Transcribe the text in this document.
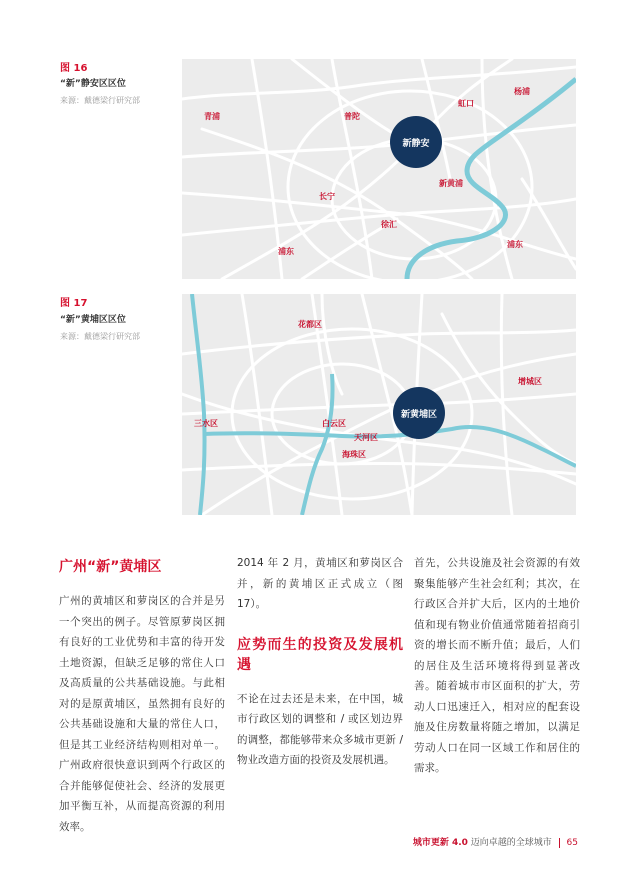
图 16
“新”静安区区位
来源：戴德梁行研究部
青浦	普陀
虹口
杨浦
新静安
新黄浦
长宁
徐汇
浦东
浦东
图 17
“新”黄埔区区位
来源：戴德梁行研究部
花都区
增城区
新黄埔区
三水区	白云区
天河区
海珠区
广州“新”黄埔区

广州的黄埔区和萝岗区的合并是另一个突出的例子。尽管原萝岗区拥有良好的工业优势和丰富的待开发土地资源，但缺乏足够的常住人口及高质量的公共基础设施。与此相对的是原黄埔区，虽然拥有良好的公共基础设施和大量的常住人口，但是其工业经济结构则相对单一。广州政府很快意识到两个行政区的合并能够促使社会、经济的发展更加平衡互补，从而提高资源的利用效率。

2014 年 2 月，黄埔区和萝岗区合并，新的黄埔区正式成立（图 17）。

应势而生的投资及发展机遇

不论在过去还是未来，在中国，城市行政区划的调整和 / 或区划边界的调整，都能够带来众多城市更新 / 物业改造方面的投资及发展机遇。

首先，公共设施及社会资源的有效聚集能够产生社会红利；其次，在行政区合并扩大后，区内的土地价值和现有物业价值通常随着招商引资的增长而不断升值；最后，人们的居住及生活环境将得到显著改善。随着城市市区面积的扩大，劳动人口迅速迁入，相对应的配套设施及住房数量将随之增加，以满足劳动人口在同一区域工作和居住的需求。

城市更新 4.0 迈向卓越的全球城市 65
